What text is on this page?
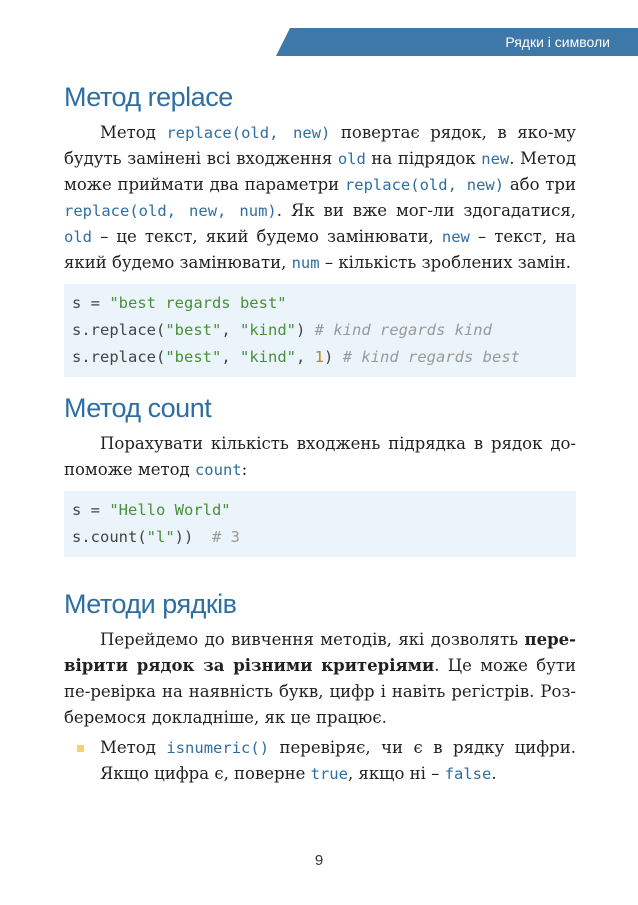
Рядки і символи
Метод replace

Метод replace(old, new) повертає рядок, в яко-му будуть замінені всі входження old на підрядок new. Метод може приймати два параметри replace(old, new) або три replace(old, new, num). Як ви вже мог-ли здогадатися, old – це текст, який будемо замінювати, new – текст, на який будемо замінювати, num – кількість зроблених замін.

s = "best regards best"
s.replace("best", "kind") # kind regards kind
s.replace("best", "kind", 1) # kind regards best
Метод count

Порахувати кількість входжень підрядка в рядок до-поможе метод count:

s = "Hello World"
s.count("l"))  # 3
Методи рядків

Перейдемо до вивчення методів, які дозволять пере-вірити рядок за різними критеріями. Це може бути пе-ревірка на наявність букв, цифр і навіть регістрів. Роз-беремося докладніше, як це працює.

Метод isnumeric() перевіряє, чи є в рядку цифри. Якщо цифра є, поверне true, якщо ні – false.
9
